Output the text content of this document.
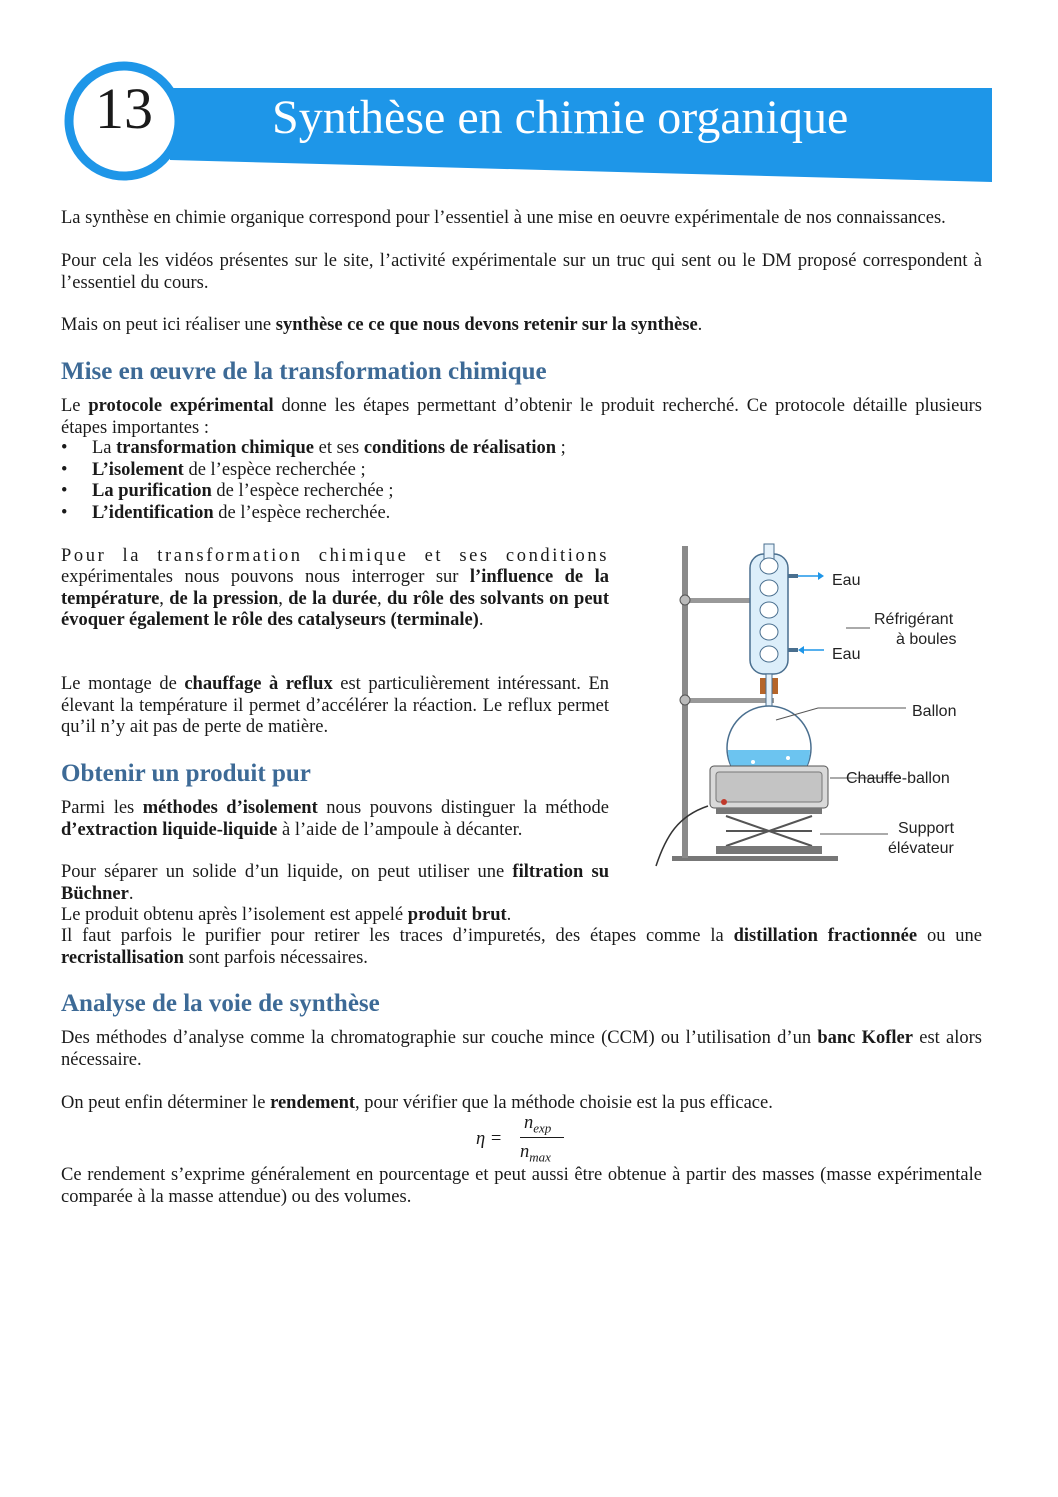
13	Synthèse en chimie organique
La synthèse en chimie organique correspond pour l’essentiel à une mise en oeuvre expérimentale de nos connaissances.
Pour cela les vidéos présentes sur le site, l’activité expérimentale sur un truc qui sent ou le DM proposé correspondent à l’essentiel du cours.
Mais on peut ici réaliser une synthèse ce ce que nous devons retenir sur la synthèse.
Mise en œuvre de la transformation chimique
Le protocole expérimental donne les étapes permettant d’obtenir le produit recherché. Ce protocole détaille plusieurs étapes importantes :
• La transformation chimique et ses conditions de réalisation ;
• L’isolement de l’espèce recherchée ;
• La purification de l’espèce recherchée ;
• L’identification de l’espèce recherchée.
Pour la transformation chimique et ses conditions
expérimentales nous pouvons nous interroger sur l’influence de la température, de la pression, de la durée, du rôle des solvants on peut évoquer également le rôle des catalyseurs (terminale).
Le montage de chauffage à reflux est particulièrement intéressant. En élevant la température il permet d’accélérer la réaction. Le reflux permet qu’il n’y ait pas de perte de matière.
Eau
Réfrigérant
à boules
Eau
Ballon
Chauffe-ballon
Support
élévateur
Obtenir un produit pur
Parmi les méthodes d’isolement nous pouvons distinguer la méthode d’extraction liquide-liquide à l’aide de l’ampoule à décanter.
Pour séparer un solide d’un liquide, on peut utiliser une filtration su Büchner.
Le produit obtenu après l’isolement est appelé produit brut.
Il faut parfois le purifier pour retirer les traces d’impuretés, des étapes comme la distillation fractionnée ou une recristallisation sont parfois nécessaires.
Analyse de la voie de synthèse
Des méthodes d’analyse comme la chromatographie sur couche mince (CCM) ou l’utilisation d’un banc Kofler est alors nécessaire.
On peut enfin déterminer le rendement, pour vérifier que la méthode choisie est la pus efficace.
η =
$n_{exp}$
$n_{max}$
Ce rendement s’exprime généralement en pourcentage et peut aussi être obtenue à partir des masses (masse expérimentale comparée à la masse attendue) ou des volumes.
